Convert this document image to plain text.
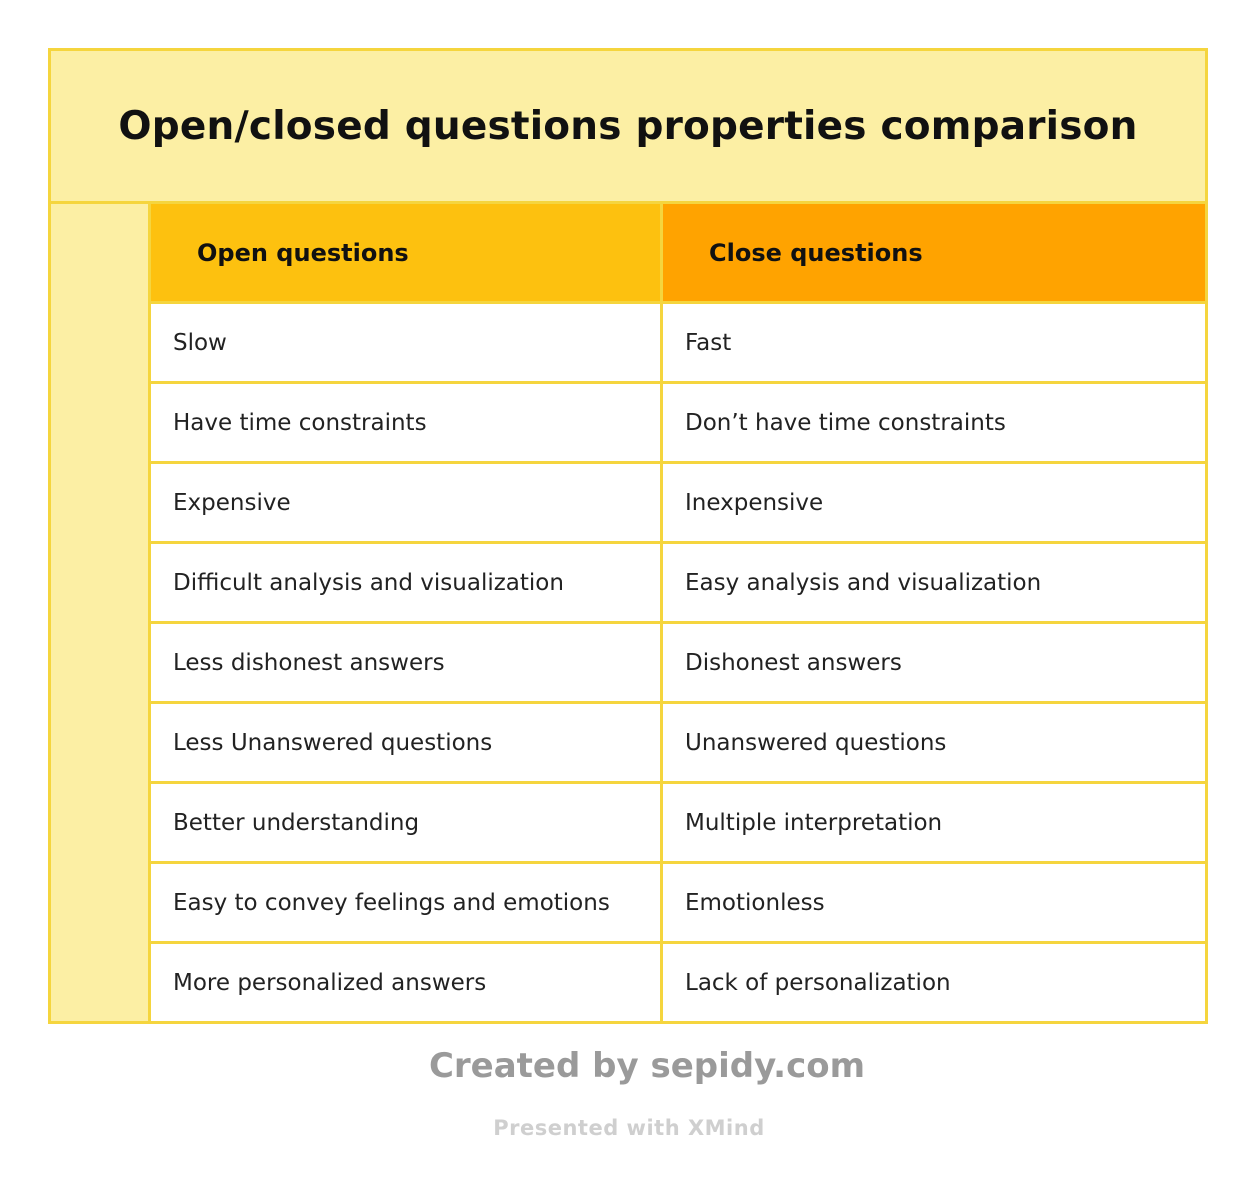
Open/closed questions properties comparison
Open questions	Close questions
Slow	Fast
Have time constraints	Don’t have time constraints
Expensive	Inexpensive
Difficult analysis and visualization	Easy analysis and visualization
Less dishonest answers	Dishonest answers
Less Unanswered questions	Unanswered questions
Better understanding	Multiple interpretation
Easy to convey feelings and emotions	Emotionless
More personalized answers	Lack of personalization
Created by sepidy.com
Presented with XMind
